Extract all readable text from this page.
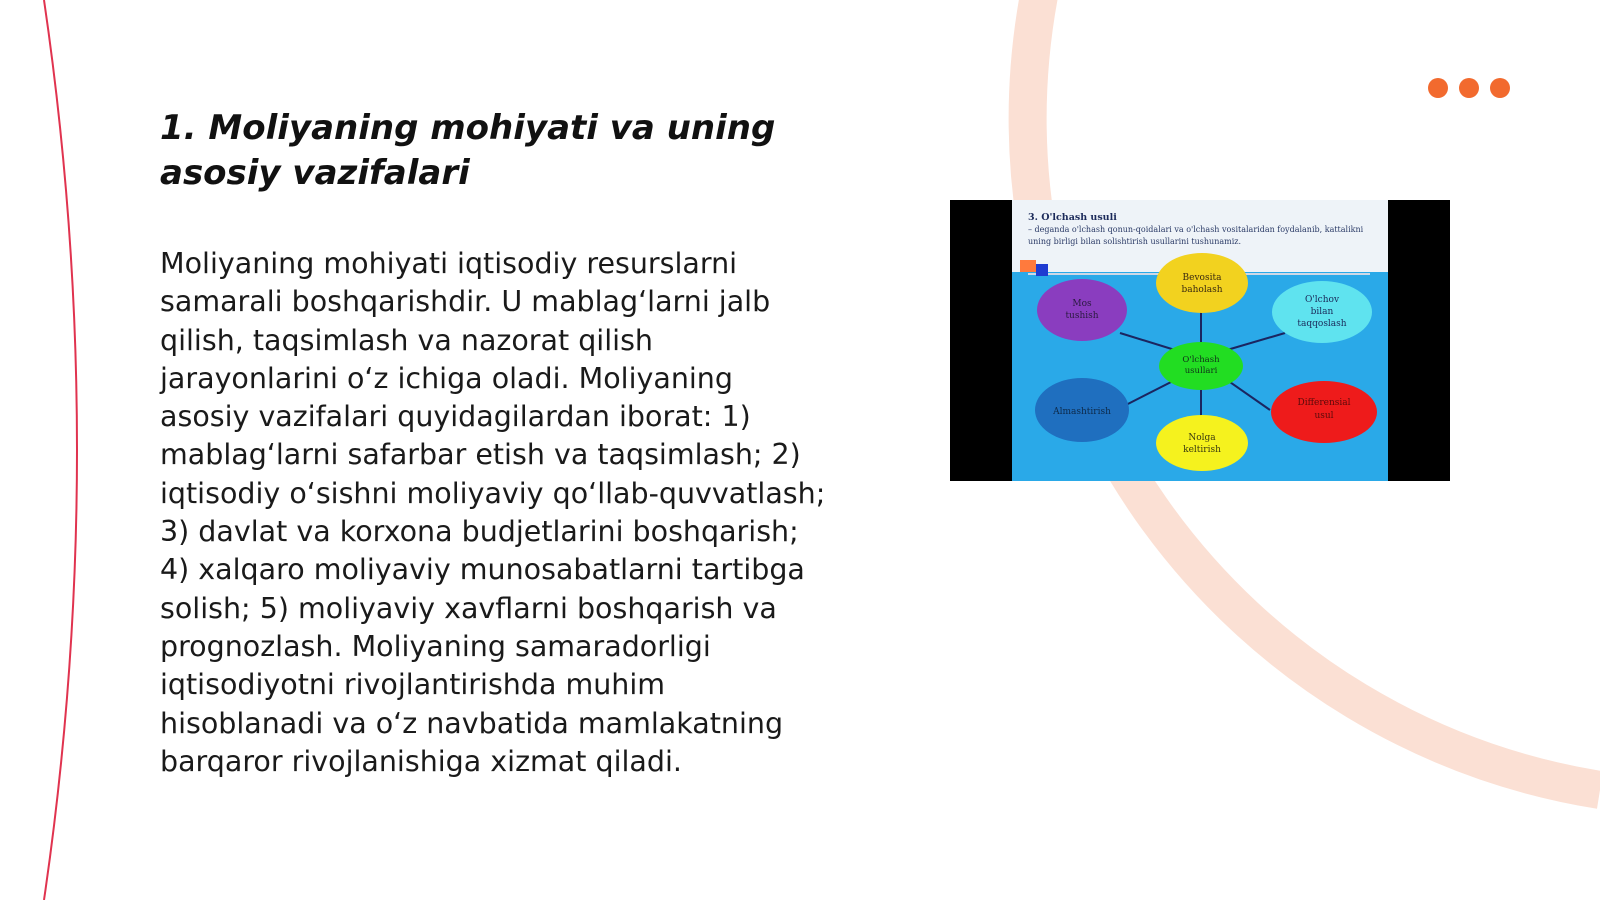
1. Moliyaning mohiyati va uning asosiy vazifalari

Moliyaning mohiyati iqtisodiy resurslarni samarali boshqarishdir. U mablag‘larni jalb qilish, taqsimlash va nazorat qilish jarayonlarini o‘z ichiga oladi. Moliyaning asosiy vazifalari quyidagilardan iborat: 1) mablag‘larni safarbar etish va taqsimlash; 2) iqtisodiy o‘sishni moliyaviy qo‘llab-quvvatlash; 3) davlat va korxona budjetlarini boshqarish; 4) xalqaro moliyaviy munosabatlarni tartibga solish; 5) moliyaviy xavflarni boshqarish va prognozlash. Moliyaning samaradorligi iqtisodiyotni rivojlantirishda muhim hisoblanadi va o‘z navbatida mamlakatning barqaror rivojlanishiga xizmat qiladi.

3. O'lchash usuli
– deganda o'lchash qonun-qoidalari va o'lchash vositalaridan foydalanib, kattalikni uning birligi bilan solishtirish usullarini tushunamiz.
Bevosita
baholash
Mos
tushish
O'lchov
bilan
taqqoslash
O'lchash
usullari
Almashtirish
Differensial
usul
Nolga
keltirish
